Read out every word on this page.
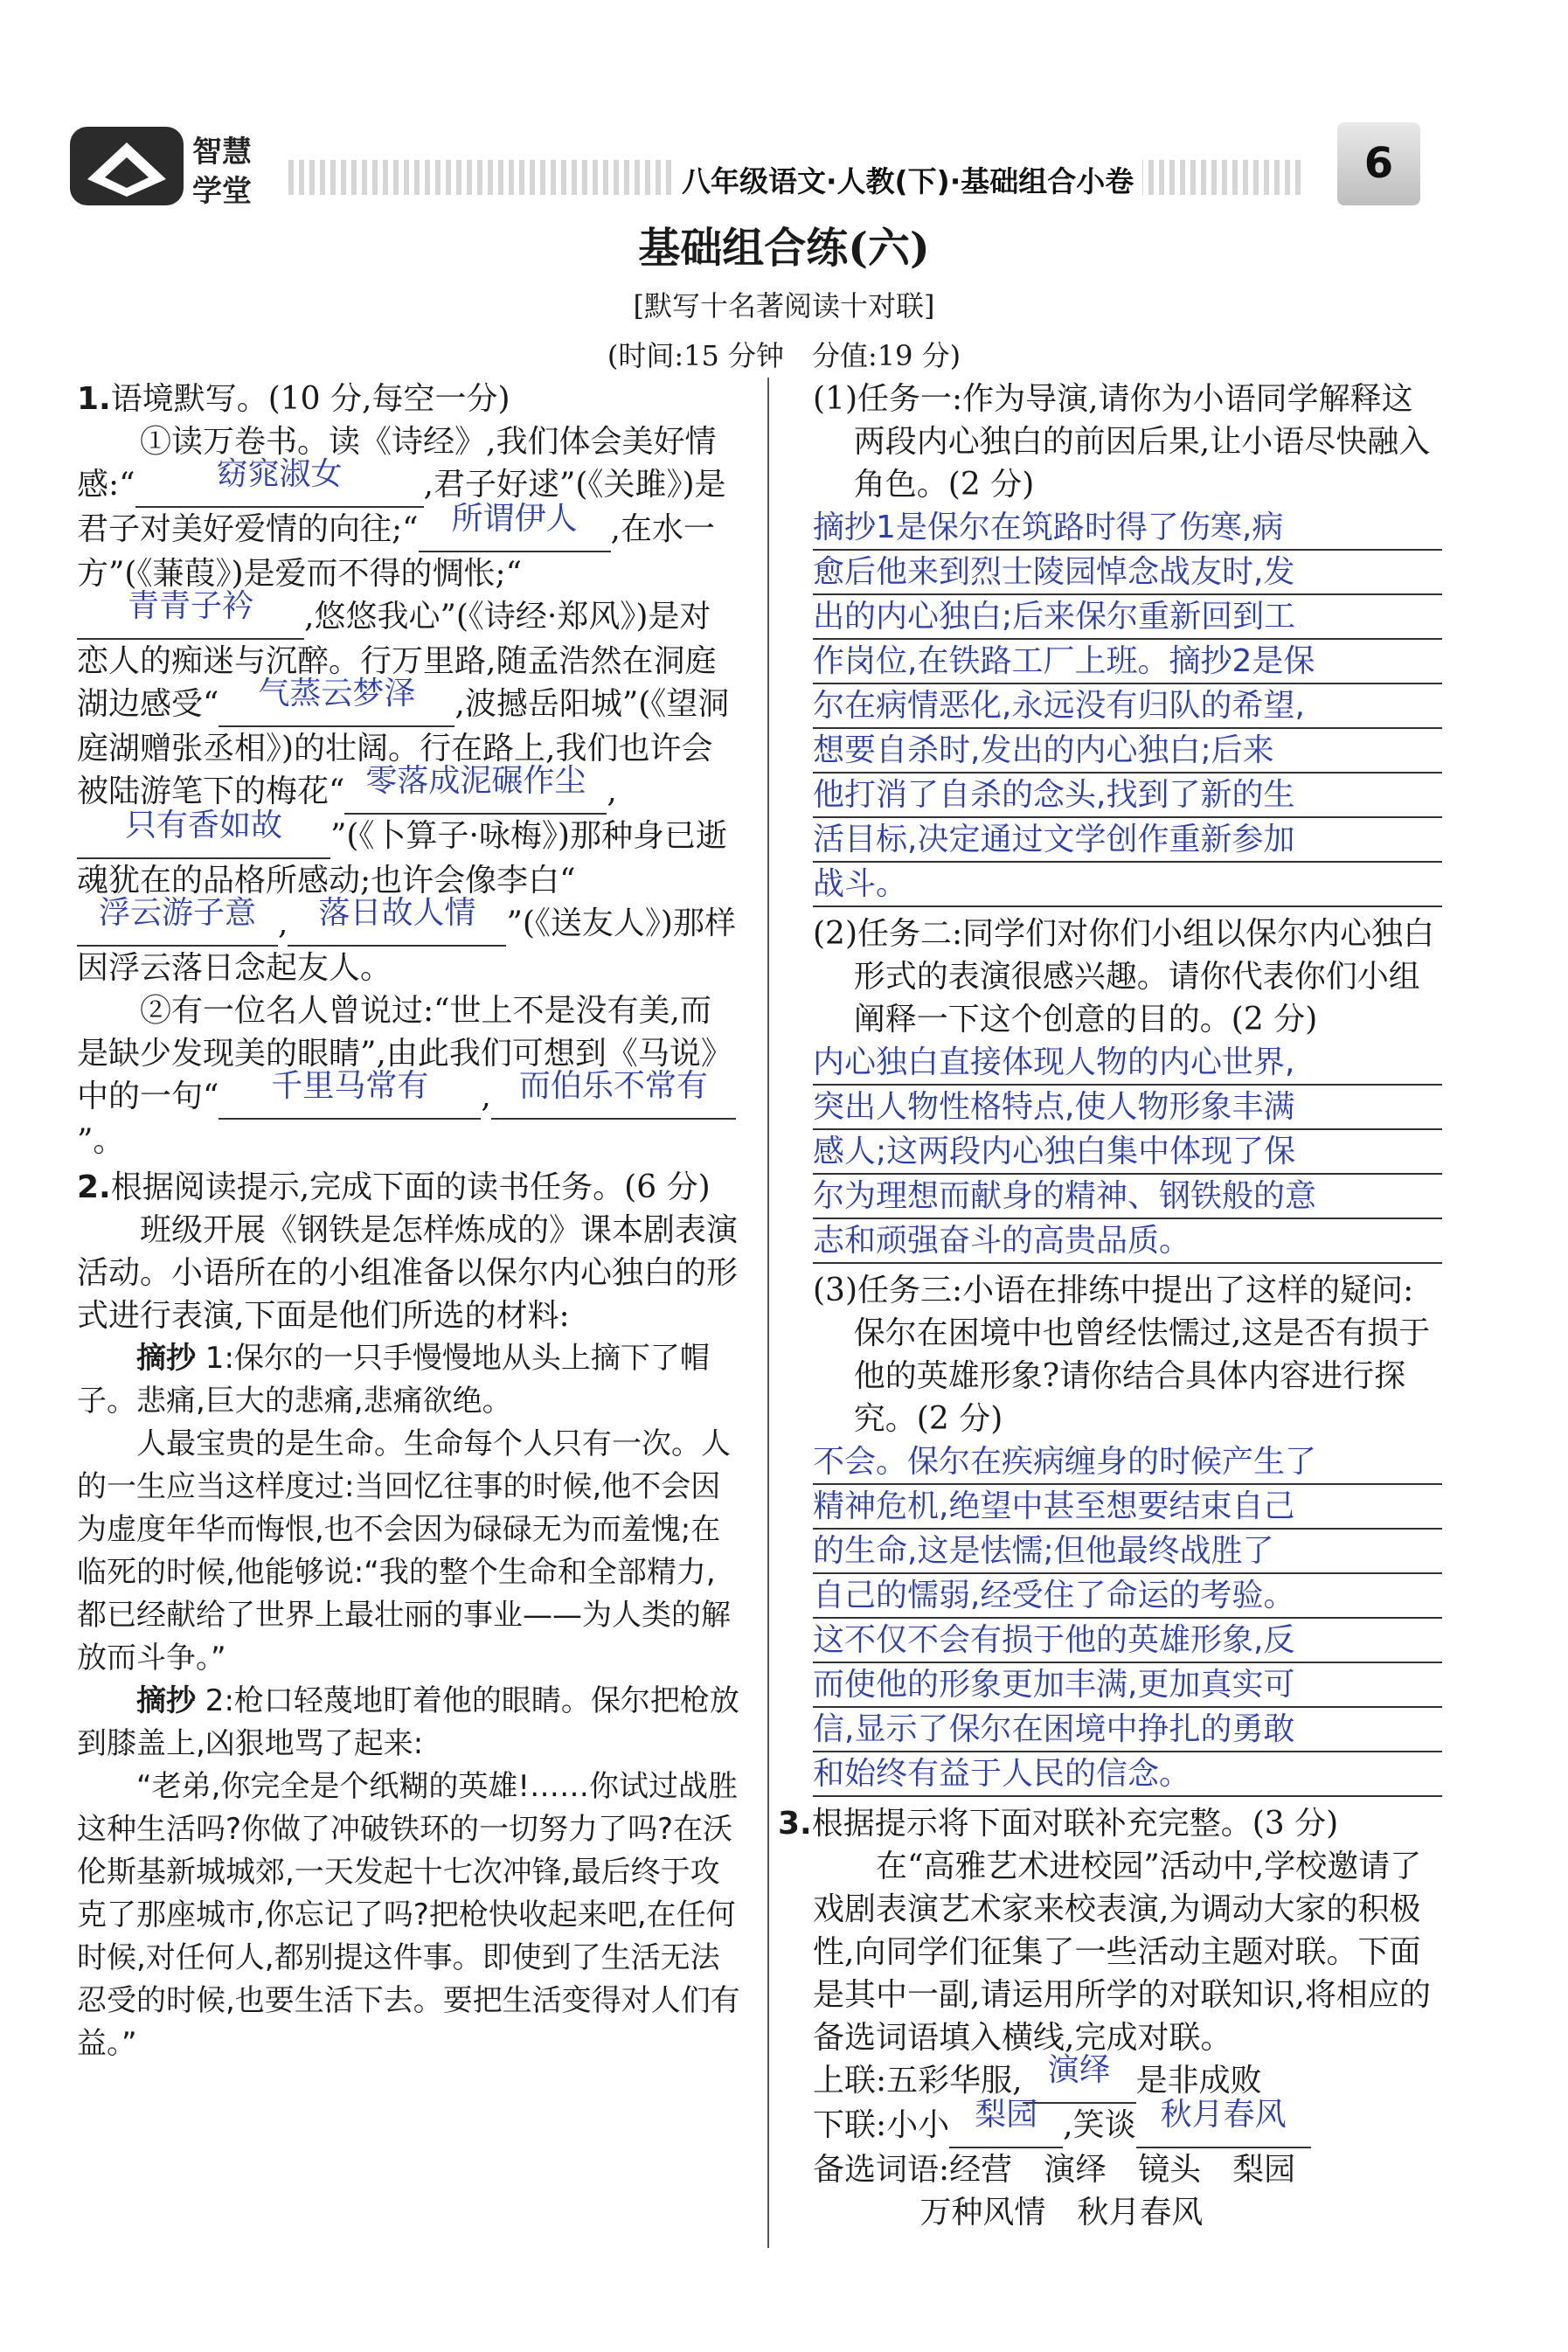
智慧
学堂	八年级语文·人教(下)·基础组合小卷	6
基础组合练(六)
[默写十名著阅读十对联]
(时间:15 分钟　分值:19 分)

1.语境默写。(10 分,每空一分)

①读万卷书。读《诗经》,我们体会美好情感:“	窈窕淑女	,君子好逑”(《关雎》)是君子对美好爱情的向往;“ 所谓伊人 ,在水一方”(《蒹葭》)是爱而不得的惆怅;“青青子衿 ,悠悠我心”(《诗经·郑风》)是对恋人的痴迷与沉醉。行万里路,随孟浩然在洞庭湖边感受“ 气蒸云梦泽 ,波撼岳阳城”(《望洞庭湖赠张丞相》)的壮阔。行在路上,我们也许会被陆游笔下的梅花“ 零落成泥碾作尘 ,只有香如故 ”(《卜算子·咏梅》)那种身已逝魂犹在的品格所感动;也许会像李白“浮云游子意 , 落日故人情 ”(《送友人》)那样因浮云落日念起友人。

②有一位名人曾说过:“世上不是没有美,而是缺少发现美的眼睛”,由此我们可想到《马说》中的一句“ 千里马常有 , 而伯乐不常有”。

2.根据阅读提示,完成下面的读书任务。(6 分)

班级开展《钢铁是怎样炼成的》课本剧表演活动。小语所在的小组准备以保尔内心独白的形式进行表演,下面是他们所选的材料:

摘抄 1:保尔的一只手慢慢地从头上摘下了帽子。悲痛,巨大的悲痛,悲痛欲绝。

人最宝贵的是生命。生命每个人只有一次。人的一生应当这样度过:当回忆往事的时候,他不会因为虚度年华而悔恨,也不会因为碌碌无为而羞愧;在临死的时候,他能够说:“我的整个生命和全部精力,都已经献给了世界上最壮丽的事业——为人类的解放而斗争。”

摘抄 2:枪口轻蔑地盯着他的眼睛。保尔把枪放到膝盖上,凶狠地骂了起来:

“老弟,你完全是个纸糊的英雄!……你试过战胜这种生活吗?你做了冲破铁环的一切努力了吗?在沃伦斯基新城城郊,一天发起十七次冲锋,最后终于攻克了那座城市,你忘记了吗?把枪快收起来吧,在任何时候,对任何人,都别提这件事。即使到了生活无法忍受的时候,也要生活下去。要把生活变得对人们有益。”

(1)任务一:作为导演,请你为小语同学解释这两段内心独白的前因后果,让小语尽快融入角色。(2 分)

摘抄1是保尔在筑路时得了伤寒,病
愈后他来到烈士陵园悼念战友时,发
出的内心独白;后来保尔重新回到工
作岗位,在铁路工厂上班。摘抄2是保
尔在病情恶化,永远没有归队的希望,
想要自杀时,发出的内心独白;后来
他打消了自杀的念头,找到了新的生
活目标,决定通过文学创作重新参加
战斗。

(2)任务二:同学们对你们小组以保尔内心独白形式的表演很感兴趣。请你代表你们小组阐释一下这个创意的目的。(2 分)

内心独白直接体现人物的内心世界,
突出人物性格特点,使人物形象丰满
感人;这两段内心独白集中体现了保
尔为理想而献身的精神、钢铁般的意
志和顽强奋斗的高贵品质。

(3)任务三:小语在排练中提出了这样的疑问:保尔在困境中也曾经怯懦过,这是否有损于他的英雄形象?请你结合具体内容进行探究。(2 分)

不会。保尔在疾病缠身的时候产生了
精神危机,绝望中甚至想要结束自己
的生命,这是怯懦;但他最终战胜了
自己的懦弱,经受住了命运的考验。
这不仅不会有损于他的英雄形象,反
而使他的形象更加丰满,更加真实可
信,显示了保尔在困境中挣扎的勇敢
和始终有益于人民的信念。

3.根据提示将下面对联补充完整。(3 分)

在“高雅艺术进校园”活动中,学校邀请了戏剧表演艺术家来校表演,为调动大家的积极性,向同学们征集了一些活动主题对联。下面是其中一副,请运用所学的对联知识,将相应的备选词语填入横线,完成对联。

上联:五彩华服, 演绎 是非成败

下联:小小 梨园 ,笑谈 秋月春风

备选词语:经营　演绎　镜头　梨园

万种风情　秋月春风
